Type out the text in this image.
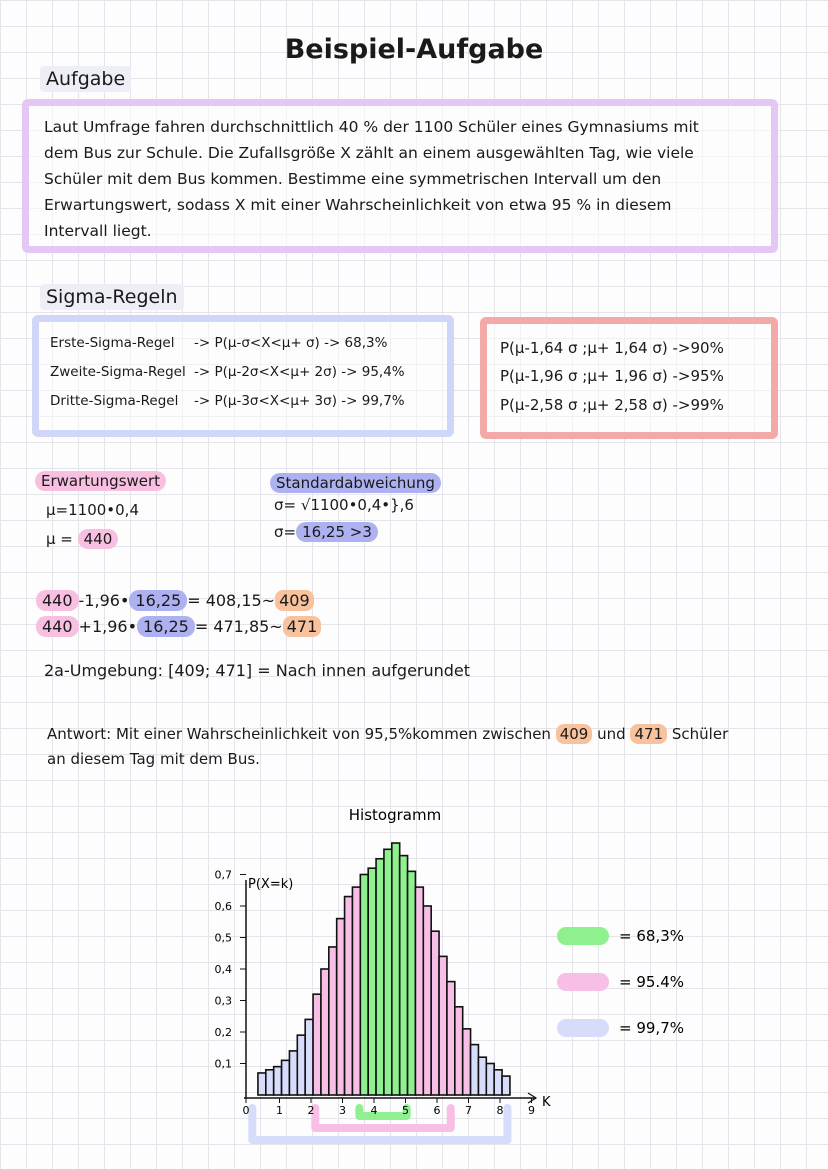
Beispiel-Aufgabe
Aufgabe
Laut Umfrage fahren durchschnittlich 40 % der 1100 Schüler eines Gymnasiums mit
dem Bus zur Schule. Die Zufallsgröße X zählt an einem ausgewählten Tag, wie viele
Schüler mit dem Bus kommen. Bestimme eine symmetrischen Intervall um den
Erwartungswert, sodass X mit einer Wahrscheinlichkeit von etwa 95 % in diesem
Intervall liegt.
Sigma-Regeln
Erste-Sigma-Regel -> P(μ-σ<X<μ+ σ) -> 68,3%
Zweite-Sigma-Regel -> P(μ-2σ<X<μ+ 2σ) -> 95,4%
Dritte-Sigma-Regel -> P(μ-3σ<X<μ+ 3σ) -> 99,7%
P(μ-1,64 σ ;μ+ 1,64 σ) ->90%
P(μ-1,96 σ ;μ+ 1,96 σ) ->95%
P(μ-2,58 σ ;μ+ 2,58 σ) ->99%
Erwartungswert
μ=1100•0,4
μ = 440
Standardabweichung
σ= √1100•0,4•},6
σ= 16,25 >3
440 -1,96• 16,25 = 408,15~ 409
440 +1,96• 16,25 = 471,85~ 471
2a-Umgebung: [409; 471] = Nach innen aufgerundet
Antwort: Mit einer Wahrscheinlichkeit von 95,5%kommen zwischen 409 und 471 Schüler
an diesem Tag mit dem Bus.
Histogramm
0,1
0,2
0,3
0,4
0,5
0,6
0,7
0 1 2 3 4 5 6 7 8 9
P(X=k)
K
= 68,3%
= 95.4%
= 99,7%
